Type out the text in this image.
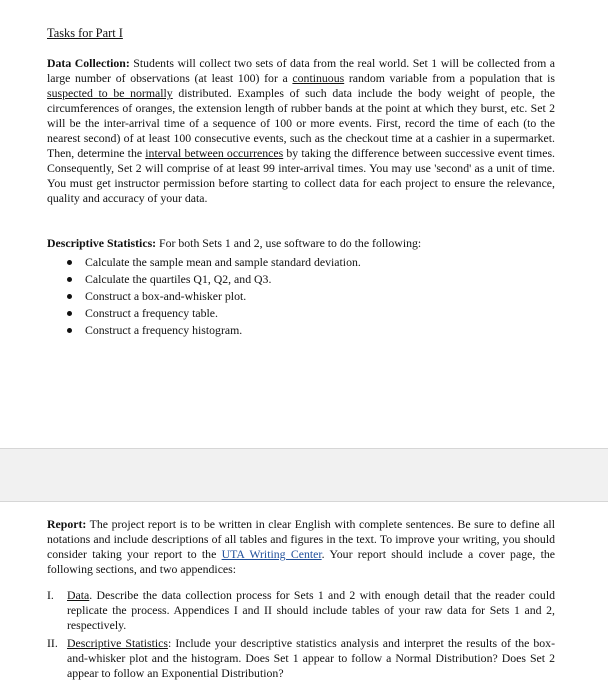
Tasks for Part I

Data Collection: Students will collect two sets of data from the real world. Set 1 will be collected from a large number of observations (at least 100) for a continuous random variable from a population that is suspected to be normally distributed. Examples of such data include the body weight of people, the circumferences of oranges, the extension length of rubber bands at the point at which they burst, etc. Set 2 will be the inter-arrival time of a sequence of 100 or more events. First, record the time of each (to the nearest second) of at least 100 consecutive events, such as the checkout time at a cashier in a supermarket. Then, determine the interval between occurrences by taking the difference between successive event times. Consequently, Set 2 will comprise of at least 99 inter-arrival times. You may use 'second' as a unit of time. You must get instructor permission before starting to collect data for each project to ensure the relevance, quality and accuracy of your data.

Descriptive Statistics: For both Sets 1 and 2, use software to do the following:

Calculate the sample mean and sample standard deviation.
Calculate the quartiles Q1, Q2, and Q3.
Construct a box-and-whisker plot.
Construct a frequency table.
Construct a frequency histogram.

Report: The project report is to be written in clear English with complete sentences. Be sure to define all notations and include descriptions of all tables and figures in the text. To improve your writing, you should consider taking your report to the UTA Writing Center. Your report should include a cover page, the following sections, and two appendices:

I. Data. Describe the data collection process for Sets 1 and 2 with enough detail that the reader could replicate the process. Appendices I and II should include tables of your raw data for Sets 1 and 2, respectively.
II. Descriptive Statistics: Include your descriptive statistics analysis and interpret the results of the box-and-whisker plot and the histogram. Does Set 1 appear to follow a Normal Distribution? Does Set 2 appear to follow an Exponential Distribution?
